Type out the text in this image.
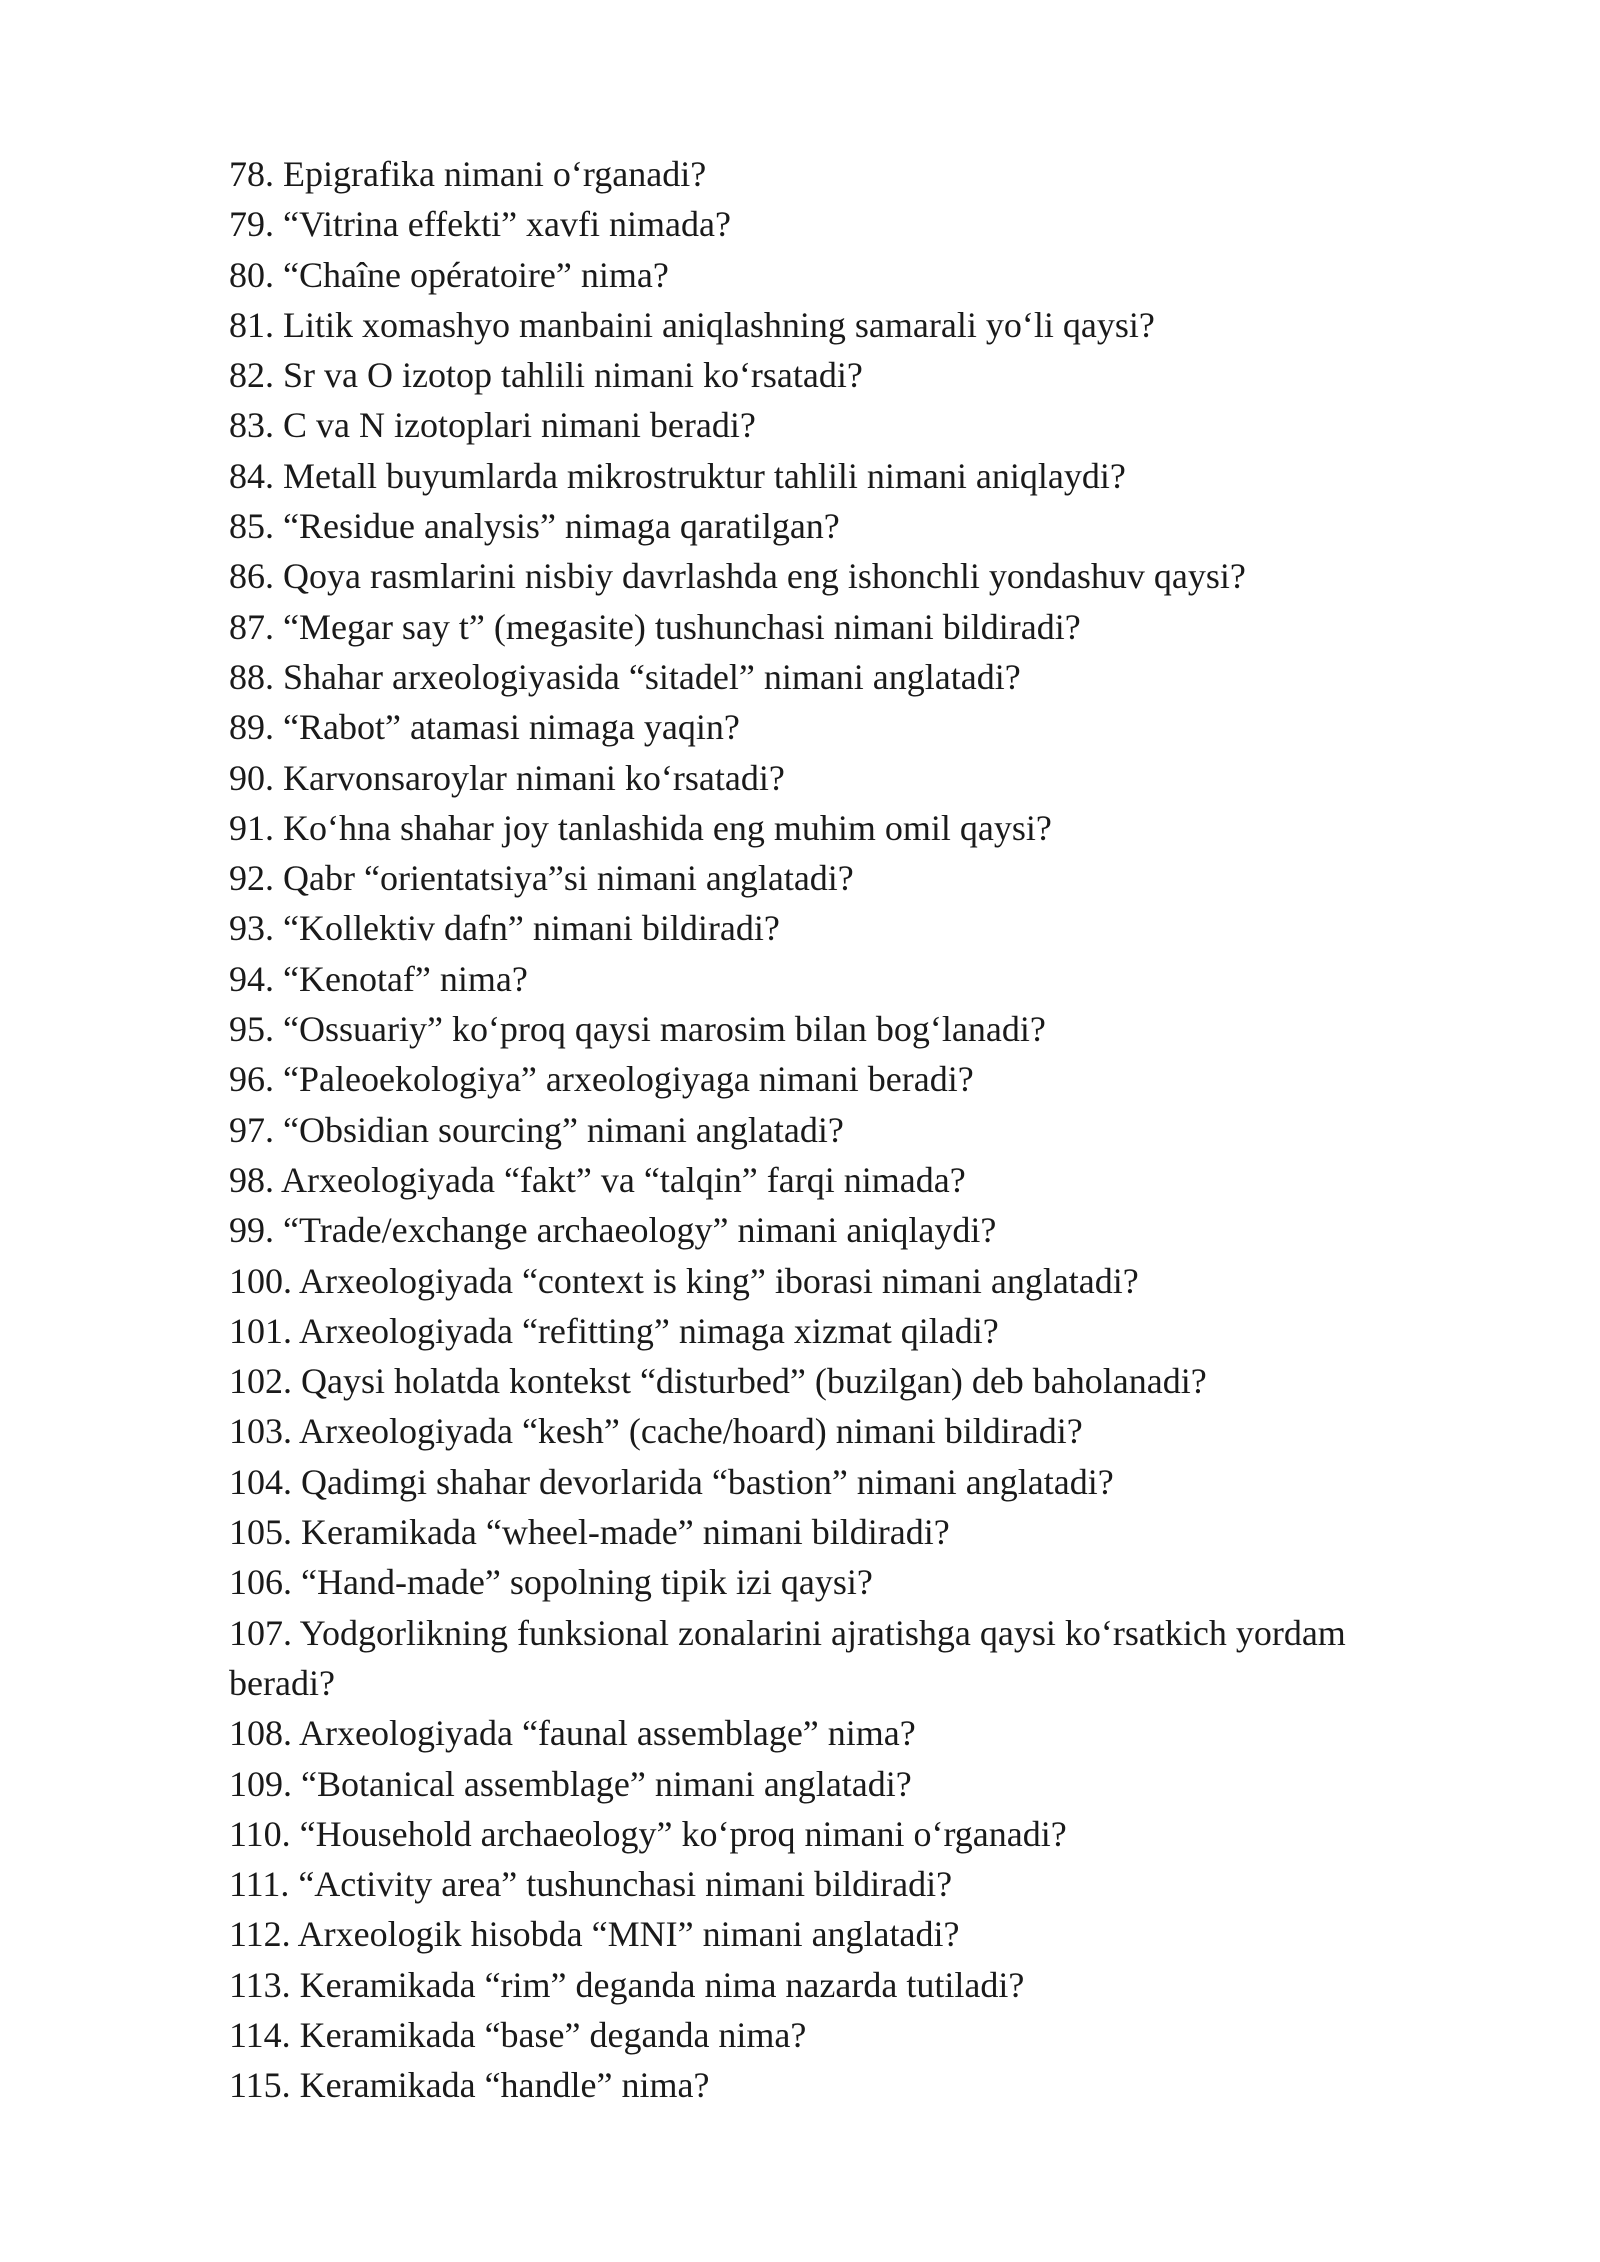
78. Epigrafika nimani o‘rganadi?
79. “Vitrina effekti” xavfi nimada?
80. “Chaîne opératoire” nima?
81. Litik xomashyo manbaini aniqlashning samarali yo‘li qaysi?
82. Sr va O izotop tahlili nimani ko‘rsatadi?
83. C va N izotoplari nimani beradi?
84. Metall buyumlarda mikrostruktur tahlili nimani aniqlaydi?
85. “Residue analysis” nimaga qaratilgan?
86. Qoya rasmlarini nisbiy davrlashda eng ishonchli yondashuv qaysi?
87. “Megar say t” (megasite) tushunchasi nimani bildiradi?
88. Shahar arxeologiyasida “sitadel” nimani anglatadi?
89. “Rabot” atamasi nimaga yaqin?
90. Karvonsaroylar nimani ko‘rsatadi?
91. Ko‘hna shahar joy tanlashida eng muhim omil qaysi?
92. Qabr “orientatsiya”si nimani anglatadi?
93. “Kollektiv dafn” nimani bildiradi?
94. “Kenotaf” nima?
95. “Ossuariy” ko‘proq qaysi marosim bilan bog‘lanadi?
96. “Paleoekologiya” arxeologiyaga nimani beradi?
97. “Obsidian sourcing” nimani anglatadi?
98. Arxeologiyada “fakt” va “talqin” farqi nimada?
99. “Trade/exchange archaeology” nimani aniqlaydi?
100. Arxeologiyada “context is king” iborasi nimani anglatadi?
101. Arxeologiyada “refitting” nimaga xizmat qiladi?
102. Qaysi holatda kontekst “disturbed” (buzilgan) deb baholanadi?
103. Arxeologiyada “kesh” (cache/hoard) nimani bildiradi?
104. Qadimgi shahar devorlarida “bastion” nimani anglatadi?
105. Keramikada “wheel-made” nimani bildiradi?
106. “Hand-made” sopolning tipik izi qaysi?
107. Yodgorlikning funksional zonalarini ajratishga qaysi ko‘rsatkich yordam beradi?
108. Arxeologiyada “faunal assemblage” nima?
109. “Botanical assemblage” nimani anglatadi?
110. “Household archaeology” ko‘proq nimani o‘rganadi?
111. “Activity area” tushunchasi nimani bildiradi?
112. Arxeologik hisobda “MNI” nimani anglatadi?
113. Keramikada “rim” deganda nima nazarda tutiladi?
114. Keramikada “base” deganda nima?
115. Keramikada “handle” nima?
